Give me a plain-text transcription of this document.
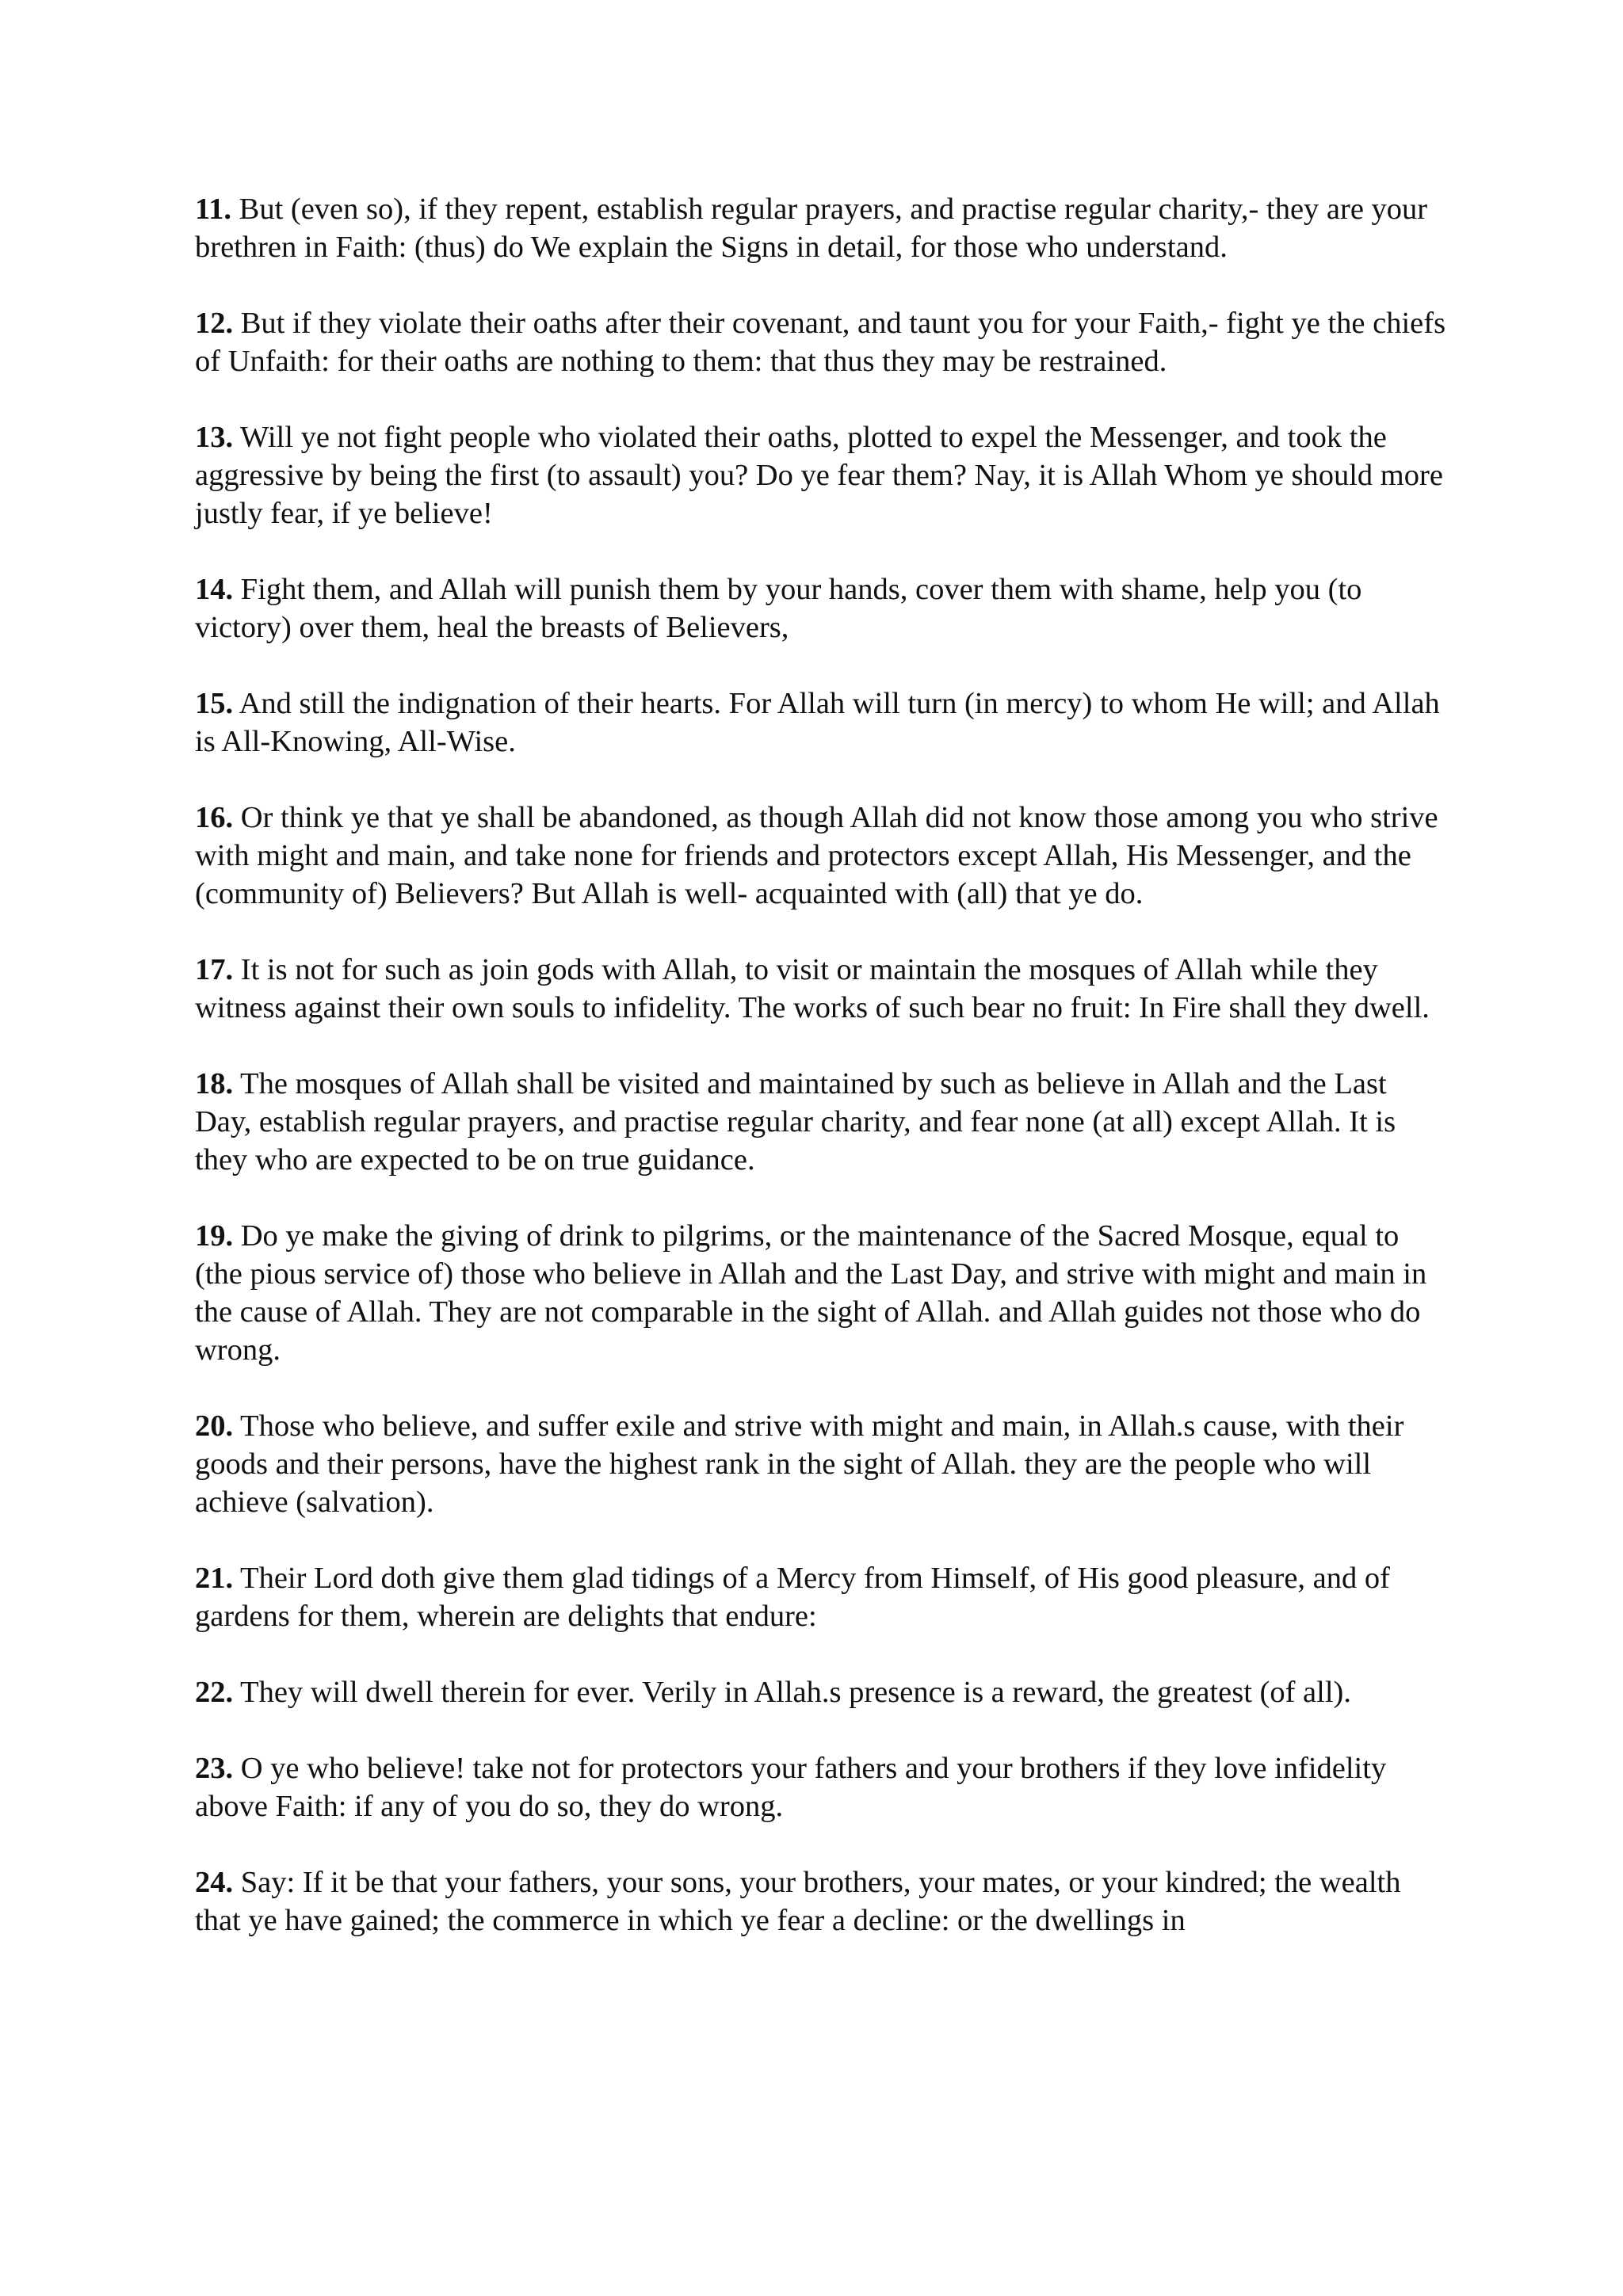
11. But (even so), if they repent, establish regular prayers, and practise regular charity,- they are your brethren in Faith: (thus) do We explain the Signs in detail, for those who understand.

12. But if they violate their oaths after their covenant, and taunt you for your Faith,- fight ye the chiefs of Unfaith: for their oaths are nothing to them: that thus they may be restrained.

13. Will ye not fight people who violated their oaths, plotted to expel the Messenger, and took the aggressive by being the first (to assault) you? Do ye fear them? Nay, it is Allah Whom ye should more justly fear, if ye believe!

14. Fight them, and Allah will punish them by your hands, cover them with shame, help you (to victory) over them, heal the breasts of Believers,

15. And still the indignation of their hearts. For Allah will turn (in mercy) to whom He will; and Allah is All-Knowing, All-Wise.

16. Or think ye that ye shall be abandoned, as though Allah did not know those among you who strive with might and main, and take none for friends and protectors except Allah, His Messenger, and the (community of) Believers? But Allah is well- acquainted with (all) that ye do.

17. It is not for such as join gods with Allah, to visit or maintain the mosques of Allah while they witness against their own souls to infidelity. The works of such bear no fruit: In Fire shall they dwell.

18. The mosques of Allah shall be visited and maintained by such as believe in Allah and the Last Day, establish regular prayers, and practise regular charity, and fear none (at all) except Allah. It is they who are expected to be on true guidance.

19. Do ye make the giving of drink to pilgrims, or the maintenance of the Sacred Mosque, equal to (the pious service of) those who believe in Allah and the Last Day, and strive with might and main in the cause of Allah. They are not comparable in the sight of Allah. and Allah guides not those who do wrong.

20. Those who believe, and suffer exile and strive with might and main, in Allah.s cause, with their goods and their persons, have the highest rank in the sight of Allah. they are the people who will achieve (salvation).

21. Their Lord doth give them glad tidings of a Mercy from Himself, of His good pleasure, and of gardens for them, wherein are delights that endure:

22. They will dwell therein for ever. Verily in Allah.s presence is a reward, the greatest (of all).

23. O ye who believe! take not for protectors your fathers and your brothers if they love infidelity above Faith: if any of you do so, they do wrong.

24. Say: If it be that your fathers, your sons, your brothers, your mates, or your kindred; the wealth that ye have gained; the commerce in which ye fear a decline: or the dwellings in
